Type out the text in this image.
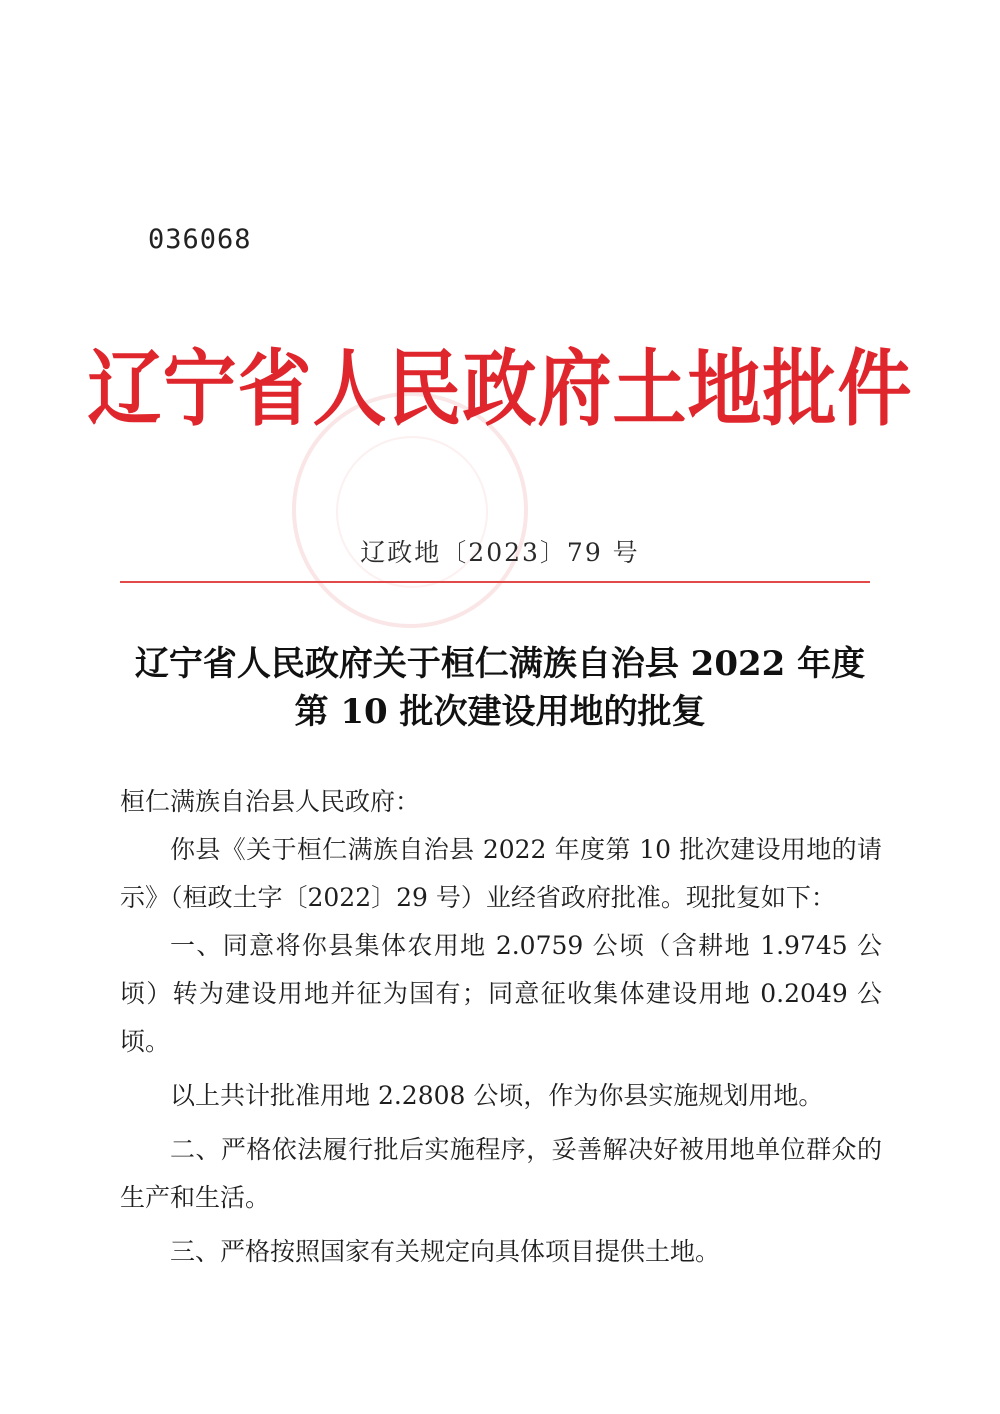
036068
辽宁省人民政府土地批件
辽政地〔2023〕79 号
辽宁省人民政府关于桓仁满族自治县 2022 年度
第 10 批次建设用地的批复

桓仁满族自治县人民政府：

你县《关于桓仁满族自治县 2022 年度第 10 批次建设用地的请示》（桓政土字〔2022〕29 号）业经省政府批准。现批复如下：

一、同意将你县集体农用地 2.0759 公顷（含耕地 1.9745 公顷）转为建设用地并征为国有；同意征收集体建设用地 0.2049 公顷。

以上共计批准用地 2.2808 公顷，作为你县实施规划用地。

二、严格依法履行批后实施程序，妥善解决好被用地单位群众的生产和生活。

三、严格按照国家有关规定向具体项目提供土地。
